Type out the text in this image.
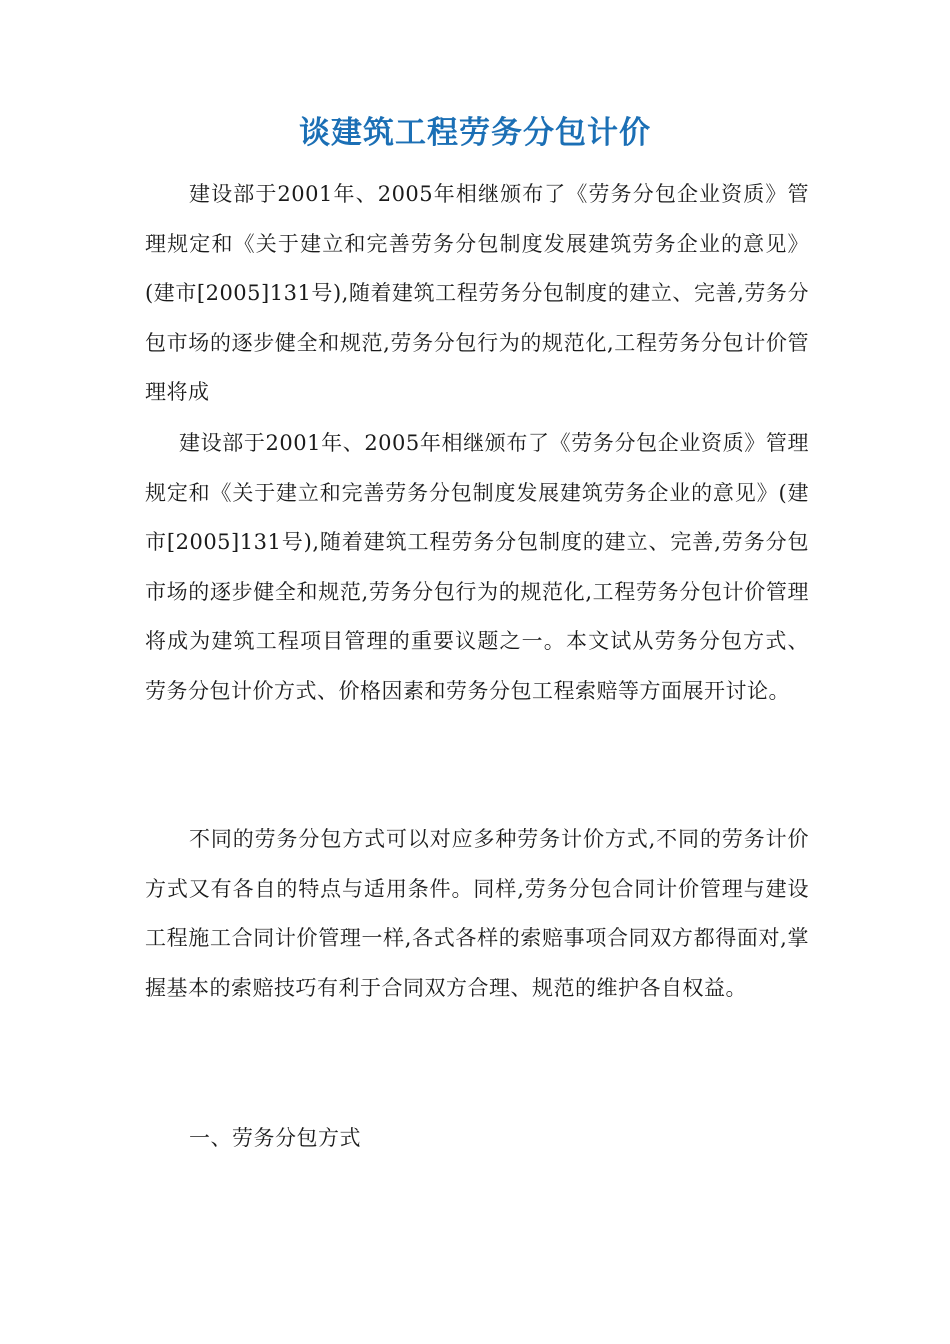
谈建筑工程劳务分包计价

建设部于2001年、2005年相继颁布了《劳务分包企业资质》管理规定和《关于建立和完善劳务分包制度发展建筑劳务企业的意见》(建市[2005]131号),随着建筑工程劳务分包制度的建立、完善,劳务分包市场的逐步健全和规范,劳务分包行为的规范化,工程劳务分包计价管理将成

建设部于2001年、2005年相继颁布了《劳务分包企业资质》管理规定和《关于建立和完善劳务分包制度发展建筑劳务企业的意见》(建市[2005]131号),随着建筑工程劳务分包制度的建立、完善,劳务分包市场的逐步健全和规范,劳务分包行为的规范化,工程劳务分包计价管理将成为建筑工程项目管理的重要议题之一。本文试从劳务分包方式、劳务分包计价方式、价格因素和劳务分包工程索赔等方面展开讨论。

不同的劳务分包方式可以对应多种劳务计价方式,不同的劳务计价方式又有各自的特点与适用条件。同样,劳务分包合同计价管理与建设工程施工合同计价管理一样,各式各样的索赔事项合同双方都得面对,掌握基本的索赔技巧有利于合同双方合理、规范的维护各自权益。

一、劳务分包方式
